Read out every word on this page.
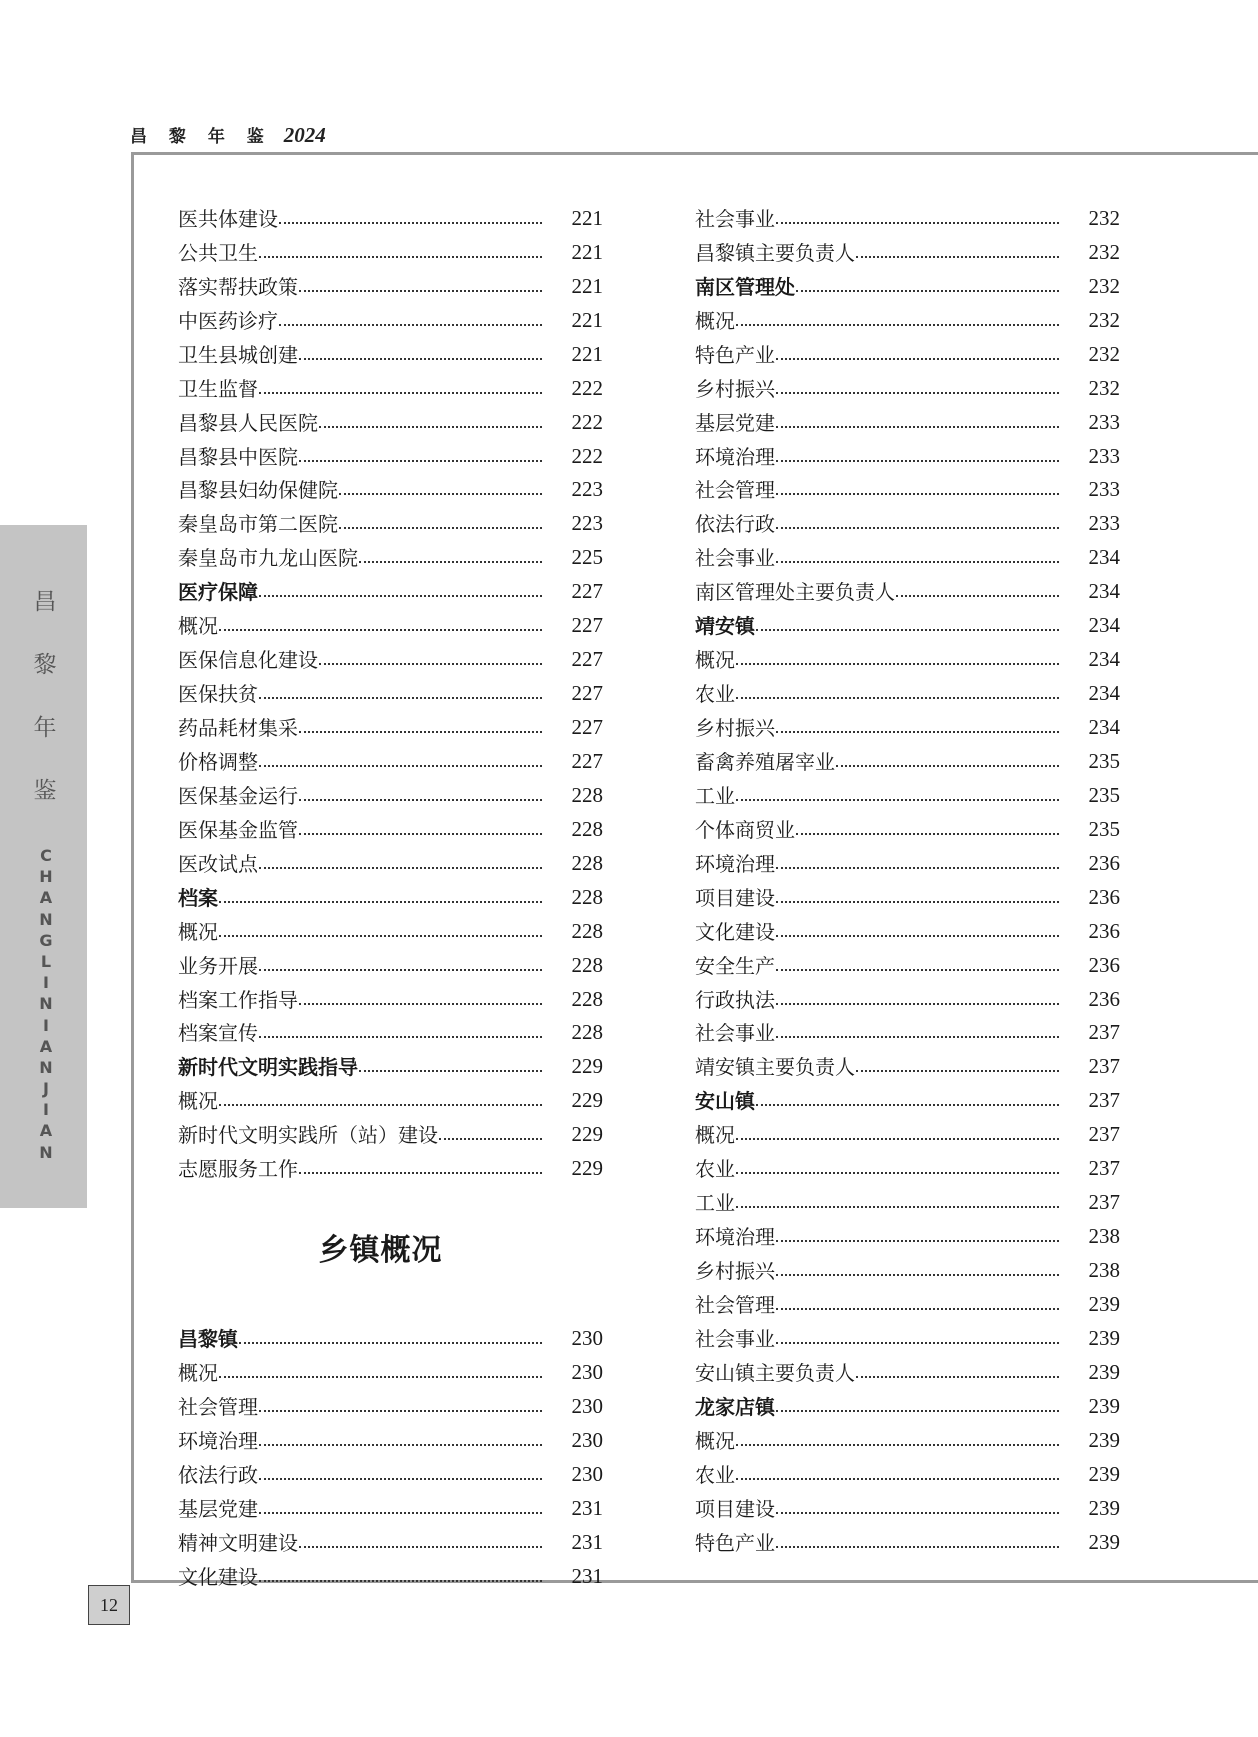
昌 黎 年 鉴 2024
昌
黎
年
鉴
C
H
A
N
G
L
I
N
I
A
N
J
I
A
N
12
医共体建设	221
公共卫生	221
落实帮扶政策	221
中医药诊疗	221
卫生县城创建	221
卫生监督	222
昌黎县人民医院	222
昌黎县中医院	222
昌黎县妇幼保健院	223
秦皇岛市第二医院	223
秦皇岛市九龙山医院	225
医疗保障	227
概况	227
医保信息化建设	227
医保扶贫	227
药品耗材集采	227
价格调整	227
医保基金运行	228
医保基金监管	228
医改试点	228
档案	228
概况	228
业务开展	228
档案工作指导	228
档案宣传	228
新时代文明实践指导	229
概况	229
新时代文明实践所（站）建设	229
志愿服务工作	229
乡镇概况
昌黎镇	230
概况	230
社会管理	230
环境治理	230
依法行政	230
基层党建	231
精神文明建设	231
文化建设	231
社会事业	232
昌黎镇主要负责人	232
南区管理处	232
概况	232
特色产业	232
乡村振兴	232
基层党建	233
环境治理	233
社会管理	233
依法行政	233
社会事业	234
南区管理处主要负责人	234
靖安镇	234
概况	234
农业	234
乡村振兴	234
畜禽养殖屠宰业	235
工业	235
个体商贸业	235
环境治理	236
项目建设	236
文化建设	236
安全生产	236
行政执法	236
社会事业	237
靖安镇主要负责人	237
安山镇	237
概况	237
农业	237
工业	237
环境治理	238
乡村振兴	238
社会管理	239
社会事业	239
安山镇主要负责人	239
龙家店镇	239
概况	239
农业	239
项目建设	239
特色产业	239
